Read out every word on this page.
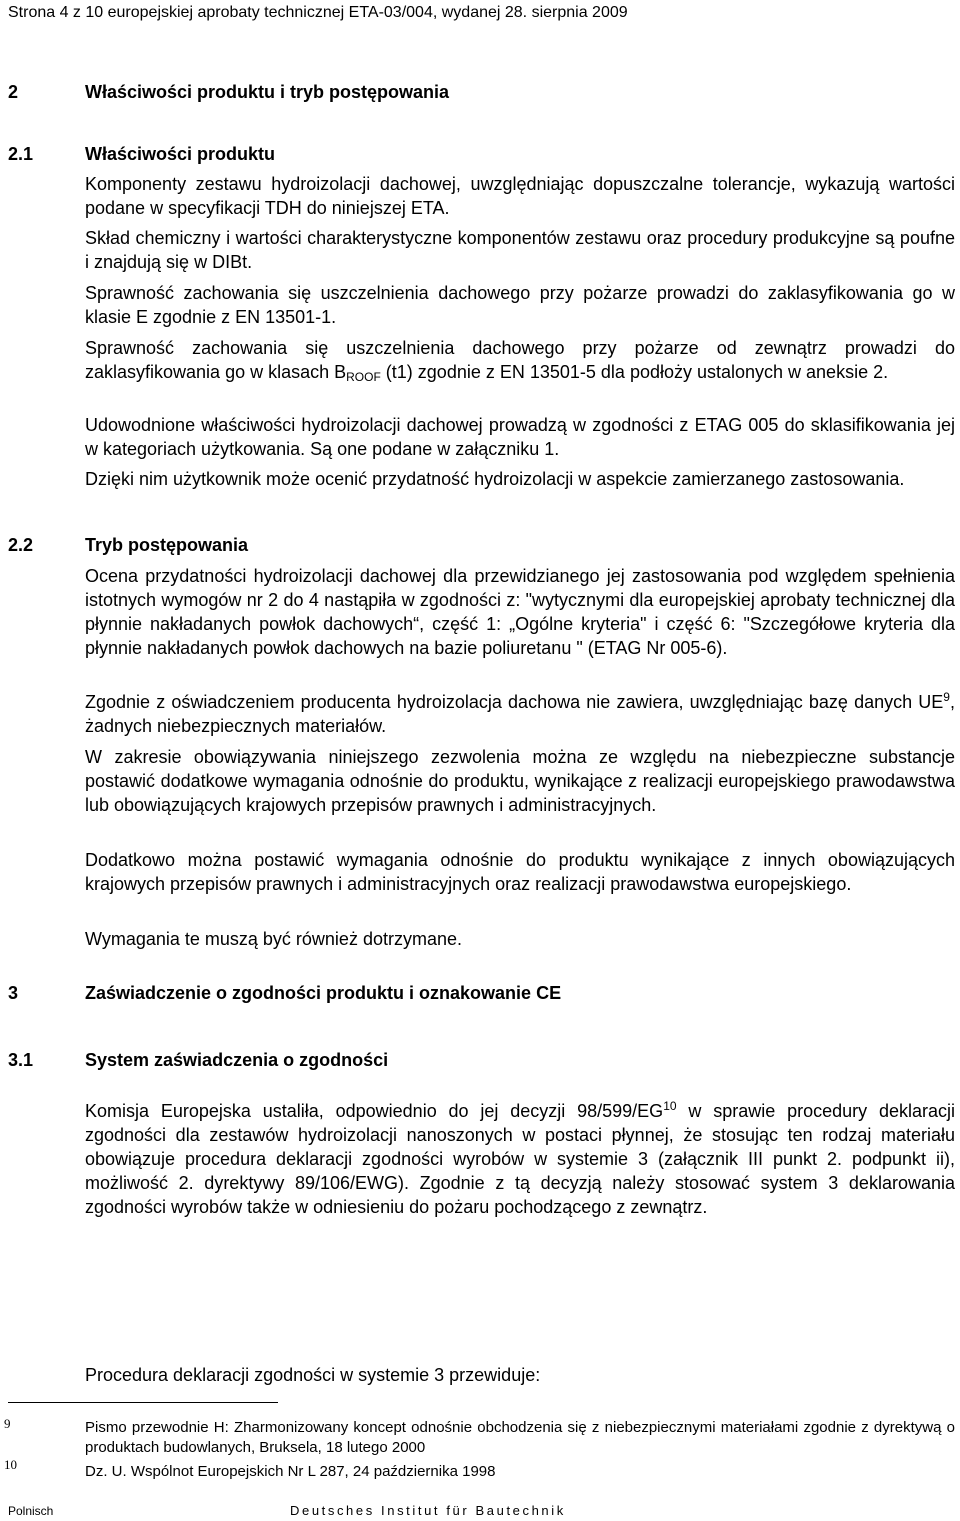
Strona 4 z 10 europejskiej aprobaty technicznej ETA-03/004, wydanej 28. sierpnia 2009
2	Właściwości produktu i tryb postępowania
2.1	Właściwości produktu
Komponenty zestawu hydroizolacji dachowej, uwzględniając dopuszczalne tolerancje, wykazują wartości podane w specyfikacji TDH do niniejszej ETA.
Skład chemiczny i wartości charakterystyczne komponentów zestawu oraz procedury produkcyjne są poufne i znajdują się w DIBt.
Sprawność zachowania się uszczelnienia dachowego przy pożarze prowadzi do zaklasyfikowania go w klasie E zgodnie z EN 13501-1.
Sprawność zachowania się uszczelnienia dachowego przy pożarze od zewnątrz prowadzi do zaklasyfikowania go w klasach $B_{ROOF}$ (t1) zgodnie z EN 13501-5 dla podłoży ustalonych w aneksie 2.
Udowodnione właściwości hydroizolacji dachowej prowadzą w zgodności z ETAG 005 do sklasifikowania jej w kategoriach użytkowania. Są one podane w załączniku 1.
Dzięki nim użytkownik może ocenić przydatność hydroizolacji w aspekcie zamierzanego zastosowania.
2.2	Tryb postępowania
Ocena przydatności hydroizolacji dachowej dla przewidzianego jej zastosowania pod względem spełnienia istotnych wymogów nr 2 do 4 nastąpiła w zgodności z: "wytycznymi dla europejskiej aprobaty technicznej dla płynnie nakładanych powłok dachowych“, część 1: „Ogólne kryteria" i część 6: "Szczegółowe kryteria dla płynnie nakładanych powłok dachowych na bazie poliuretanu " (ETAG Nr 005-6).
Zgodnie z oświadczeniem producenta hydroizolacja dachowa nie zawiera, uwzględniając bazę danych $UE^9$, żadnych niebezpiecznych materiałów.
W zakresie obowiązywania niniejszego zezwolenia można ze względu na niebezpieczne substancje postawić dodatkowe wymagania odnośnie do produktu, wynikające z realizacji europejskiego prawodawstwa lub obowiązujących krajowych przepisów prawnych i administracyjnych.
Dodatkowo można postawić wymagania odnośnie do produktu wynikające z innych obowiązujących krajowych przepisów prawnych i administracyjnych oraz realizacji prawodawstwa europejskiego.
Wymagania te muszą być również dotrzymane.
3	Zaświadczenie o zgodności produktu i oznakowanie CE
3.1	System zaświadczenia o zgodności
Komisja Europejska ustaliła, odpowiednio do jej decyzji 98/599/EG$^{10}$ w sprawie procedury deklaracji zgodności dla zestawów hydroizolacji nanoszonych w postaci płynnej, że stosując ten rodzaj materiału obowiązuje procedura deklaracji zgodności wyrobów w systemie 3 (załącznik III punkt 2. podpunkt ii), możliwość 2. dyrektywy 89/106/EWG). Zgodnie z tą decyzją należy stosować system 3 deklarowania zgodności wyrobów także w odniesieniu do pożaru pochodzącego z zewnątrz.
Procedura deklaracji zgodności w systemie 3 przewiduje:
9	Pismo przewodnie H: Zharmonizowany koncept odnośnie obchodzenia się z niebezpiecznymi materiałami zgodnie z dyrektywą o produktach budowlanych, Bruksela, 18 lutego 2000
10	Dz. U. Wspólnot Europejskich Nr L 287, 24 października 1998
Polnisch	Deutsches Institut für Bautechnik
